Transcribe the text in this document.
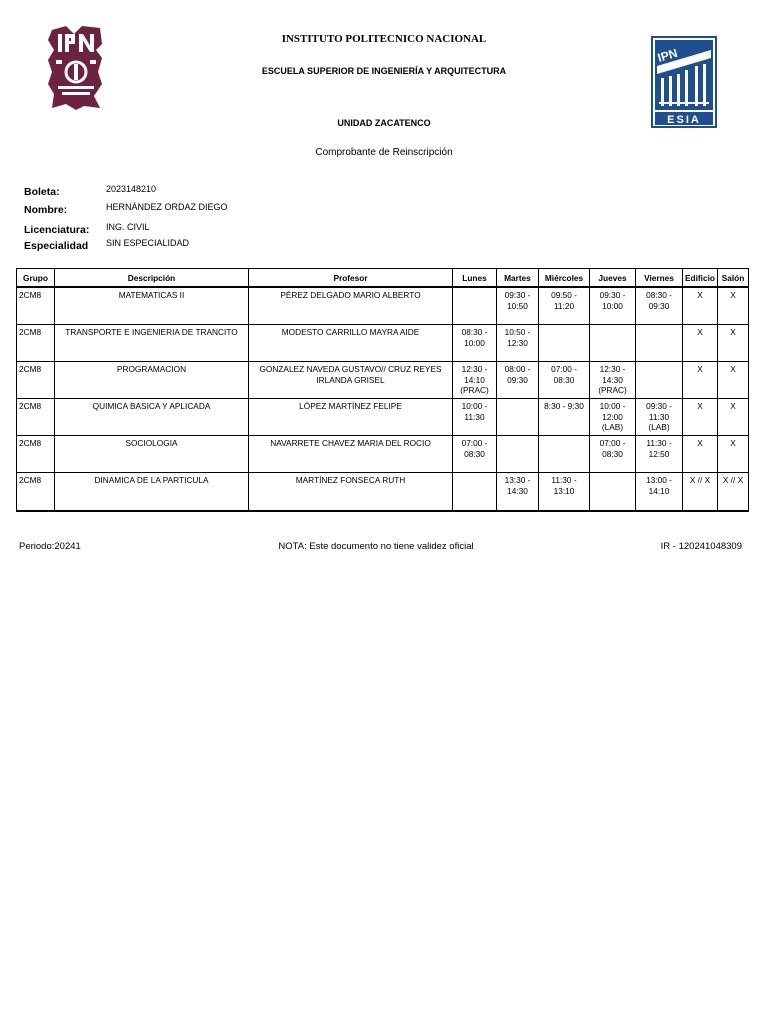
IPN
ESIA
INSTITUTO POLITECNICO NACIONAL
ESCUELA SUPERIOR DE INGENIERÍA Y ARQUITECTURA
UNIDAD ZACATENCO
Comprobante de Reinscripción
Boleta:	2023148210
Nombre:	HERNÁNDEZ ORDAZ DIEGO
Licenciatura: ING. CIVIL
Especialidad SIN ESPECIALIDAD
Grupo	Descripción	Profesor	Lunes	Martes	Miércoles	Jueves	Viernes	Edificio	Salón
2CM8	MATEMATICAS II	PÉREZ DELGADO MARIO ALBERTO		09:30 - 10:50	09:50 - 11:20	09:30 - 10:00	08:30 - 09:30	X	X
2CM8	TRANSPORTE E INGENIERIA DE TRANCITO	MODESTO CARRILLO MAYRA AIDE	08:30 - 10:00	10:50 - 12:30				X	X
2CM8	PROGRAMACION	GONZALEZ NAVEDA GUSTAVO// CRUZ REYES IRLANDA GRISEL	12:30 - 14:10 (PRAC)	08:00 - 09:30	07:00 - 08:30	12:30 - 14:30 (PRAC)		X	X
2CM8	QUIMICA BASICA Y APLICADA	LÓPEZ MARTÍNEZ FELIPE	10:00 - 11:30		8:30 - 9:30	10:00 - 12:00 (LAB)	09:30 - 11:30 (LAB)	X	X
2CM8	SOCIOLOGIA	NAVARRETE CHAVEZ MARIA DEL ROCIO	07:00 - 08:30			07:00 - 08:30	11:30 - 12:50	X	X
2CM8	DINAMICA DE LA PARTICULA	MARTÍNEZ FONSECA RUTH		13:30 - 14:30	11:30 - 13:10		13:00 - 14:10	X // X	X // X
Periodo:20241	NOTA: Este documento no tiene validez oficial	IR - 120241048309
